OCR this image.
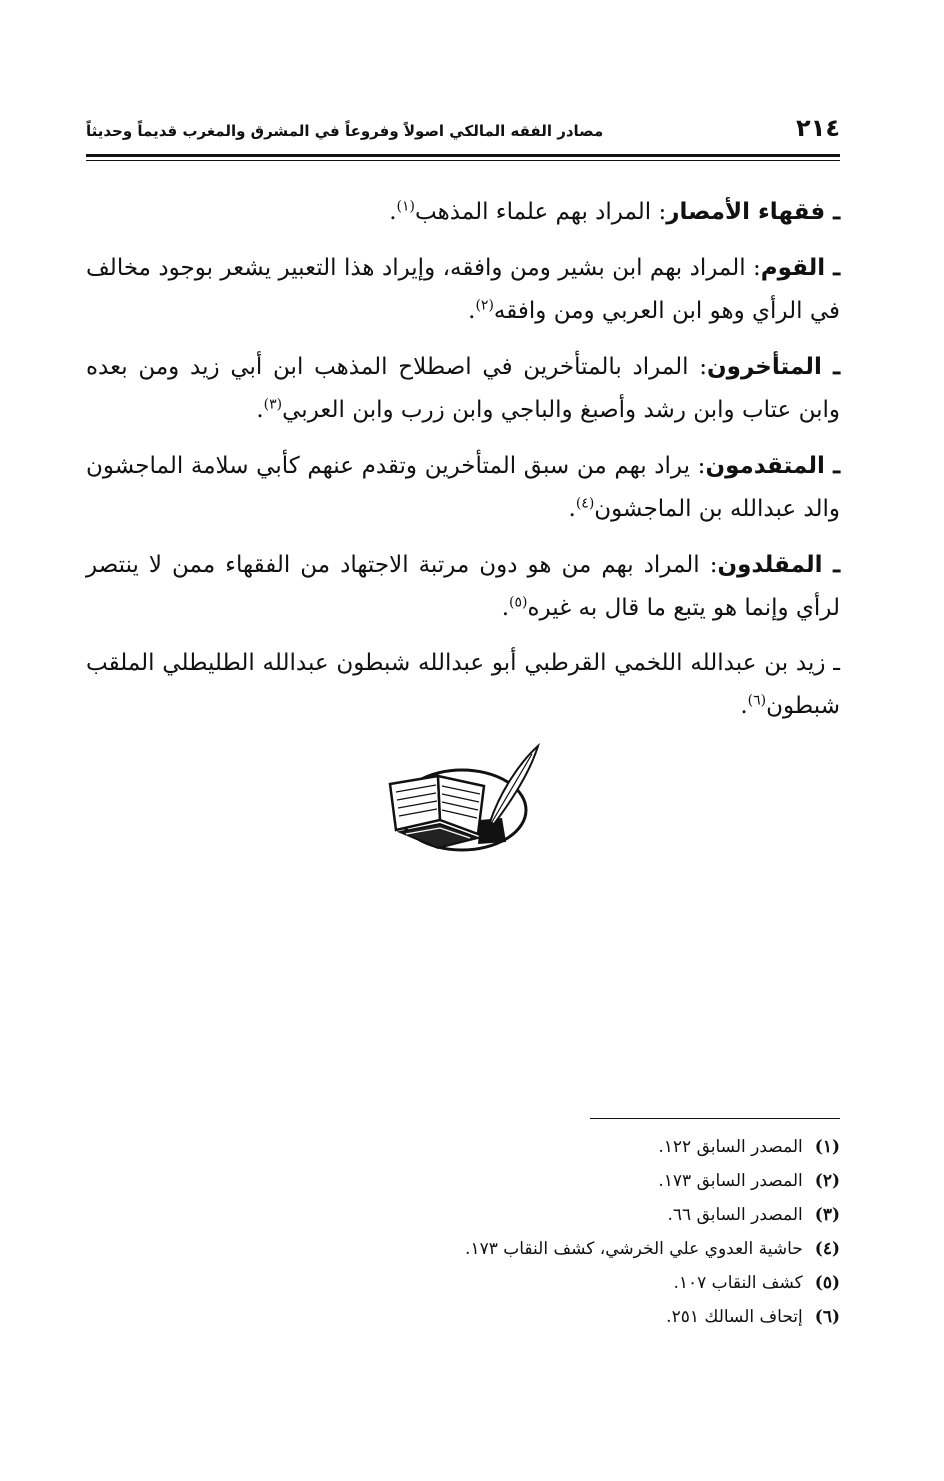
٢١٤
مصادر الفقه المالكي اصولاً وفروعاً في المشرق والمغرب قديماً وحديثاً

ـ فقهاء الأمصار: المراد بهم علماء المذهب$^{(١)}$.

ـ القوم: المراد بهم ابن بشير ومن وافقه، وإيراد هذا التعبير يشعر بوجود مخالف في الرأي وهو ابن العربي ومن وافقه$^{(٢)}$.

ـ المتأخرون: المراد بالمتأخرين في اصطلاح المذهب ابن أبي زيد ومن بعده وابن عتاب وابن رشد وأصبغ والباجي وابن زرب وابن العربي$^{(٣)}$.

ـ المتقدمون: يراد بهم من سبق المتأخرين وتقدم عنهم كأبي سلامة الماجشون والد عبدالله بن الماجشون$^{(٤)}$.

ـ المقلدون: المراد بهم من هو دون مرتبة الاجتهاد من الفقهاء ممن لا ينتصر لرأي وإنما هو يتبع ما قال به غيره$^{(٥)}$.

ـ زيد بن عبدالله اللخمي القرطبي أبو عبدالله شبطون عبدالله الطليطلي الملقب شبطون$^{(٦)}$.

(١)المصدر السابق ١٢٢.
(٢)المصدر السابق ١٧٣.
(٣)المصدر السابق ٦٦.
(٤)حاشية العدوي علي الخرشي، كشف النقاب ١٧٣.
(٥)كشف النقاب ١٠٧.
(٦)إتحاف السالك ٢٥١.
